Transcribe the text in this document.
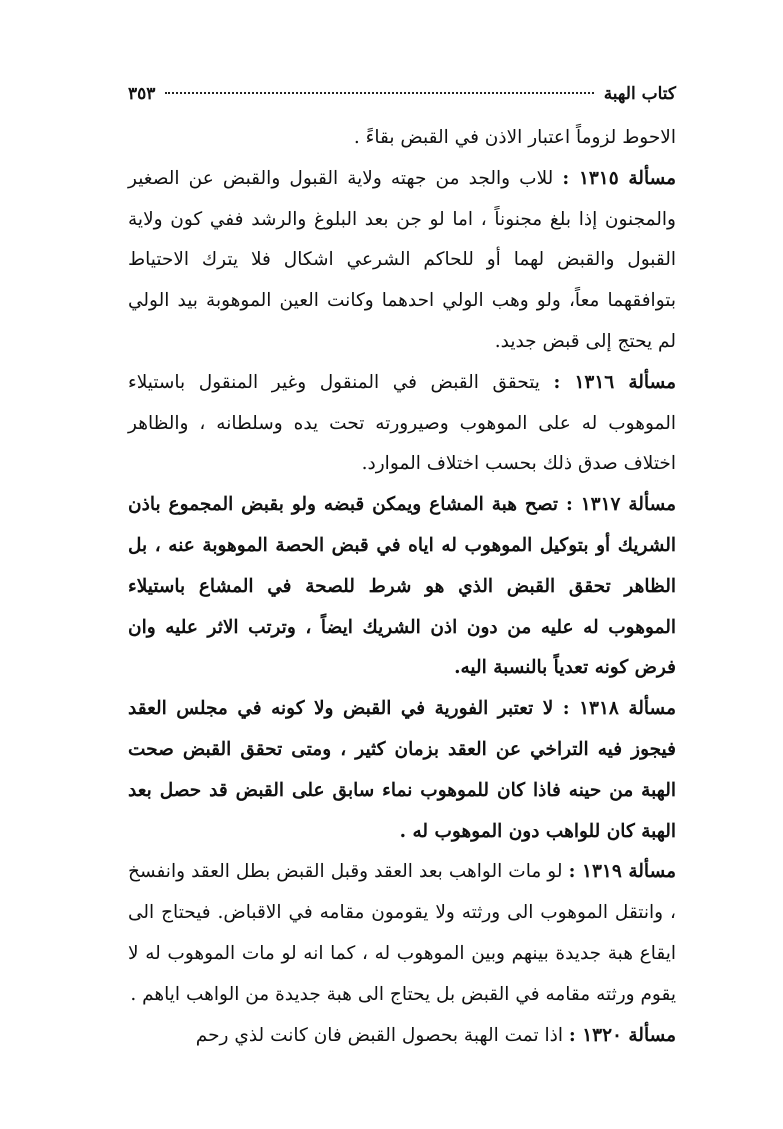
كتاب الهبة
٣٥٣

الاحوط لزوماً اعتبار الاذن في القبض بقاءً .

مسألة ١٣١٥ : للاب والجد من جهته ولاية القبول والقبض عن الصغير والمجنون إذا بلغ مجنوناً ، اما لو جن بعد البلوغ والرشد ففي كون ولاية القبول والقبض لهما أو للحاكم الشرعي اشكال فلا يترك الاحتياط بتوافقهما معاً، ولو وهب الولي احدهما وكانت العين الموهوبة بيد الولي لم يحتج إلى قبض جديد.

مسألة ١٣١٦ : يتحقق القبض في المنقول وغير المنقول باستيلاء الموهوب له على الموهوب وصيرورته تحت يده وسلطانه ، والظاهر اختلاف صدق ذلك بحسب اختلاف الموارد.

مسألة ١٣١٧ : تصح هبة المشاع ويمكن قبضه ولو بقبض المجموع باذن الشريك أو بتوكيل الموهوب له اياه في قبض الحصة الموهوبة عنه ، بل الظاهر تحقق القبض الذي هو شرط للصحة في المشاع باستيلاء الموهوب له عليه من دون اذن الشريك ايضاً ، وترتب الاثر عليه وان فرض كونه تعدياً بالنسبة اليه.

مسألة ١٣١٨ : لا تعتبر الفورية في القبض ولا كونه في مجلس العقد فيجوز فيه التراخي عن العقد بزمان كثير ، ومتى تحقق القبض صحت الهبة من حينه فاذا كان للموهوب نماء سابق على القبض قد حصل بعد الهبة كان للواهب دون الموهوب له .

مسألة ١٣١٩ : لو مات الواهب بعد العقد وقبل القبض بطل العقد وانفسخ ، وانتقل الموهوب الى ورثته ولا يقومون مقامه في الاقباض. فيحتاج الى ايقاع هبة جديدة بينهم وبين الموهوب له ، كما انه لو مات الموهوب له لا يقوم ورثته مقامه في القبض بل يحتاج الى هبة جديدة من الواهب اياهم .

مسألة ١٣٢٠ : اذا تمت الهبة بحصول القبض فان كانت لذي رحم
